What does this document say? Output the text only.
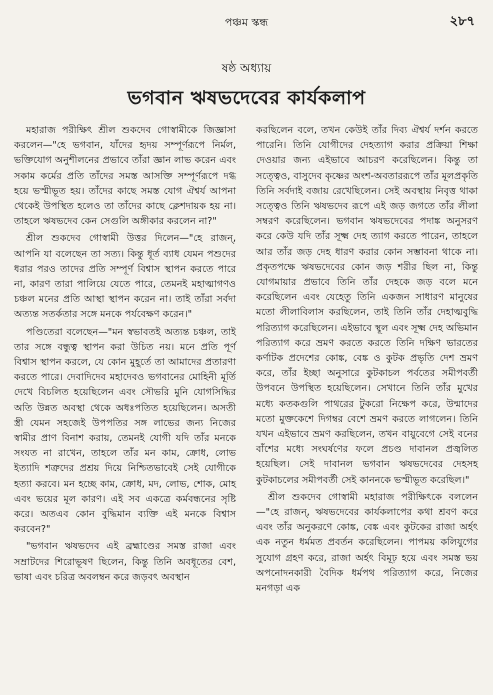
পঞ্চম স্কন্ধ	২৮৭
ষষ্ঠ অধ্যায়
ভগবান ঋষভদেবের কার্যকলাপ

মহারাজ পরীক্ষিৎ শ্রীল শুকদেব গোস্বামীকে জিজ্ঞাসা করলেন—"হে ভগবান, যাঁদের হৃদয় সম্পূর্ণরূপে নির্মল, ভক্তিযোগ অনুশীলনের প্রভাবে তাঁরা জ্ঞান লাভ করেন এবং সকাম কর্মের প্রতি তাঁদের সমস্ত আসক্তি সম্পূর্ণরূপে দগ্ধ হয়ে ভস্মীভূত হয়। তাঁদের কাছে সমস্ত যোগ ঐশ্বর্য আপনা থেকেই উপস্থিত হলেও তা তাঁদের কাছে ক্লেশদায়ক হয় না। তাহলে ঋষভদেব কেন সেগুলি অঙ্গীকার করলেন না?"

শ্রীল শুকদেব গোস্বামী উত্তর দিলেন—"হে রাজন্, আপনি যা বলেছেন তা সত্য। কিন্তু ধূর্ত ব্যাধ যেমন পশুদের ধরার পরও তাদের প্রতি সম্পূর্ণ বিশ্বাস স্থাপন করতে পারে না, কারণ তারা পালিয়ে যেতে পারে, তেমনই মহাত্মাগণও চঞ্চল মনের প্রতি আস্থা স্থাপন করেন না। তাই তাঁরা সর্বদা অত্যন্ত সতর্কতার সঙ্গে মনকে পর্যবেক্ষণ করেন।"

পণ্ডিতেরা বলেছেন—"মন স্বভাবতই অত্যন্ত চঞ্চল, তাই তার সঙ্গে বন্ধুত্ব স্থাপন করা উচিত নয়। মনে প্রতি পূর্ণ বিশ্বাস স্থাপন করলে, যে কোন মুহূর্তে তা আমাদের প্রতারণা করতে পারে। দেবাদিদেব মহাদেবও ভগবানের মোহিনী মূর্তি দেখে বিচলিত হয়েছিলেন এবং সৌভরি মুনি যোগসিদ্ধির অতি উন্নত অবস্থা থেকে অধঃপতিত হয়েছিলেন। অসতী স্ত্রী যেমন সহজেই উপপতির সঙ্গ লাভের জন্য নিজের স্বামীর প্রাণ বিনাশ করায়, তেমনই যোগী যদি তাঁর মনকে সংযত না রাখেন, তাহলে তাঁর মন কাম, ক্রোধ, লোভ ইত্যাদি শত্রুদের প্রশ্রয় দিয়ে নিশ্চিতভাবেই সেই যোগীকে হত্যা করবে। মন হচ্ছে কাম, ক্রোধ, মদ, লোভ, শোক, মোহ এবং ভয়ের মূল কারণ। এই সব একত্রে কর্মবন্ধনের সৃষ্টি করে। অতএব কোন বুদ্ধিমান ব্যক্তি এই মনকে বিশ্বাস করবেন?"

"ভগবান ঋষভদেব এই ব্রহ্মাণ্ডের সমস্ত রাজা এবং সম্রাটদের শিরোভূষণ ছিলেন, কিন্তু তিনি অবধূতের বেশ, ভাষা এবং চরিত্র অবলম্বন করে জড়বৎ অবস্থান

করছিলেন বলে, তখন কেউই তাঁর দিব্য ঐশ্বর্য দর্শন করতে পারেনি। তিনি যোগীদের দেহত্যাগ করার প্রক্রিয়া শিক্ষা দেওয়ার জন্য এইভাবে আচরণ করেছিলেন। কিন্তু তা সত্ত্বেও, বাসুদেব কৃষ্ণের অংশ-অবতাররূপে তাঁর মূলপ্রকৃতি তিনি সর্বদাই বজায় রেখেছিলেন। সেই অবস্থায় নিবৃত্ত থাকা সত্ত্বেও তিনি ঋষভদেব রূপে এই জড় জগতে তাঁর লীলা সম্বরণ করেছিলেন। ভগবান ঋষভদেবের পদাঙ্ক অনুসরণ করে কেউ যদি তাঁর সূক্ষ্ম দেহ ত্যাগ করতে পারেন, তাহলে আর তাঁর জড় দেহ ধারণ করার কোন সম্ভাবনা থাকে না। প্রকৃতপক্ষে ঋষভদেবের কোন জড় শরীর ছিল না, কিন্তু যোগমায়ার প্রভাবে তিনি তাঁর দেহকে জড় বলে মনে করেছিলেন এবং যেহেতু তিনি একজন সাধারণ মানুষের মতো লীলাবিলাস করছিলেন, তাই তিনি তাঁর দেহাত্মবুদ্ধি পরিত্যাগ করেছিলেন। এইভাবে স্থূল এবং সূক্ষ্ম দেহ অভিমান পরিত্যাগ করে ভ্রমণ করতে করতে তিনি দক্ষিণ ভারতের কর্ণাটক প্রদেশের কোঙ্ক, বেঙ্ক ও কুটক প্রভৃতি দেশ ভ্রমণ করে, তাঁর ইচ্ছা অনুসারে কুটকাচল পর্বতের সমীপবর্তী উপবনে উপস্থিত হয়েছিলেন। সেখানে তিনি তাঁর মুখের মধ্যে কতকগুলি পাথরের টুকরো নিক্ষেপ করে, উন্মাদের মতো মুক্তকেশে দিগম্বর বেশে ভ্রমণ করতে লাগলেন। তিনি যখন এইভাবে ভ্রমণ করছিলেন, তখন বায়ুবেগে সেই বনের বাঁশের মধ্যে সংঘর্ষণের ফলে প্রচণ্ড দাবানল প্রজ্বলিত হয়েছিল। সেই দাবানল ভগবান ঋষভদেবের দেহসহ কুটকাচলের সমীপবর্তী সেই কাননকে ভস্মীভূত করেছিল।"

শ্রীল শুকদেব গোস্বামী মহারাজ পরীক্ষিৎকে বললেন—"হে রাজন্, ঋষভদেবের কার্যকলাপের কথা শ্রবণ করে এবং তাঁর অনুকরণে কোঙ্ক, বেঙ্ক এবং কুটকের রাজা অর্হৎ এক নতুন ধর্মমত প্রবর্তন করেছিলেন। পাপময় কলিযুগের সুযোগ গ্রহণ করে, রাজা অর্হৎ বিমূঢ় হয়ে এবং সমস্ত ভয় অপনোদনকারী বৈদিক ধর্মপথ পরিত্যাগ করে, নিজের মনগড়া এক
